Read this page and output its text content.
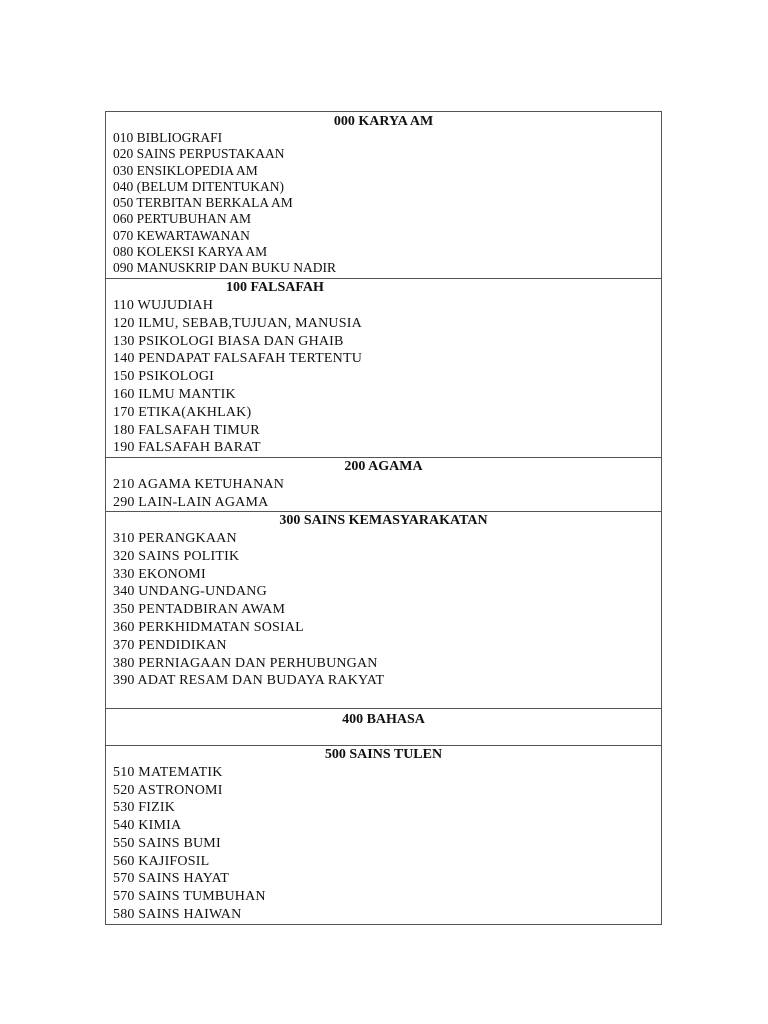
000 KARYA AM
010 BIBLIOGRAFI
020 SAINS PERPUSTAKAAN
030 ENSIKLOPEDIA AM
040 (BELUM DITENTUKAN)
050 TERBITAN BERKALA AM
060 PERTUBUHAN AM
070 KEWARTAWANAN
080 KOLEKSI KARYA AM
090 MANUSKRIP DAN BUKU NADIR
100 FALSAFAH
110 WUJUDIAH
120 ILMU, SEBAB,TUJUAN, MANUSIA
130 PSIKOLOGI BIASA DAN GHAIB
140 PENDAPAT FALSAFAH TERTENTU
150 PSIKOLOGI
160 ILMU MANTIK
170 ETIKA(AKHLAK)
180 FALSAFAH TIMUR
190 FALSAFAH BARAT
200 AGAMA
210 AGAMA KETUHANAN
290 LAIN-LAIN AGAMA
300 SAINS KEMASYARAKATAN
310 PERANGKAAN
320 SAINS POLITIK
330 EKONOMI
340 UNDANG-UNDANG
350 PENTADBIRAN AWAM
360 PERKHIDMATAN SOSIAL
370 PENDIDIKAN
380 PERNIAGAAN DAN PERHUBUNGAN
390 ADAT RESAM DAN BUDAYA RAKYAT
400 BAHASA
500 SAINS TULEN
510 MATEMATIK
520 ASTRONOMI
530 FIZIK
540 KIMIA
550 SAINS BUMI
560 KAJIFOSIL
570 SAINS HAYAT
570 SAINS TUMBUHAN
580 SAINS HAIWAN
